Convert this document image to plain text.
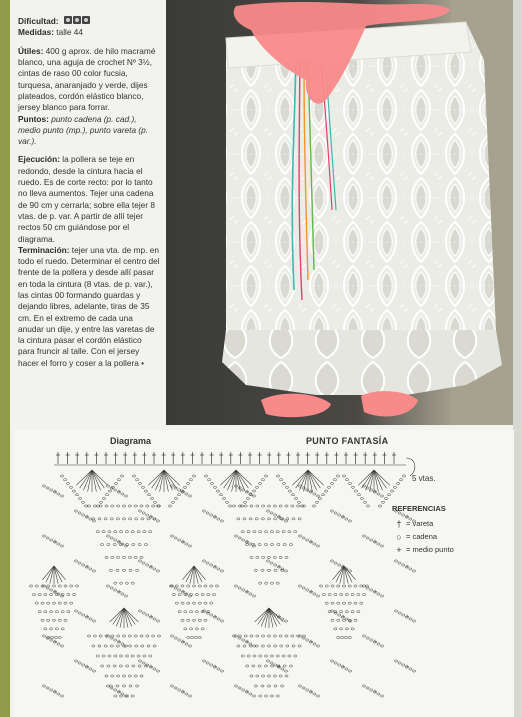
Dificultad:
Medidas: talle 44

Útiles: 400 g aprox. de hilo macramé blanco, una aguja de crochet Nº 3½, cintas de raso 00 color fucsia, turquesa, anaranjado y verde, dijes plateados, cordón elástico blanco, jersey blanco para forrar.
Puntos: punto cadena (p. cad.), medio punto (mp.), punto vareta (p. var.).

Ejecución: la pollera se teje en redondo, desde la cintura hacia el ruedo. Es de corte recto: por lo tanto no lleva aumentos. Tejer una cadena de 90 cm y cerrarla; sobre ella tejer 8 vtas. de p. var. A partir de allí tejer rectos 50 cm guiándose por el diagrama.
Terminación: tejer una vta. de mp. en todo el ruedo. Determinar el centro del frente de la pollera y desde allí pasar en toda la cintura (8 vtas. de p. var.), las cintas 00 formando guardas y dejando libres, adelante, tiras de 35 cm. En el extremo de cada una anudar un dije, y entre las varetas de la cintura pasar el cordón elástico para fruncir al talle. Con el jersey hacer el forro y coser a la pollera •

Diagrama	PUNTO FANTASÍA
5 vtas.
+	+	+	+	+	+
+	+	+	+	+	+
+	+	+	+	+	+
+	+	+	+	+	+
+	+	+	+	+	+
+	+	+	+	+	+
+	+	+	+	+	+
+	+	+	+	+	+
+	+	+	+	+	+
REFERENCIAS
† = vareta
○ = cadena
+ = medio punto
